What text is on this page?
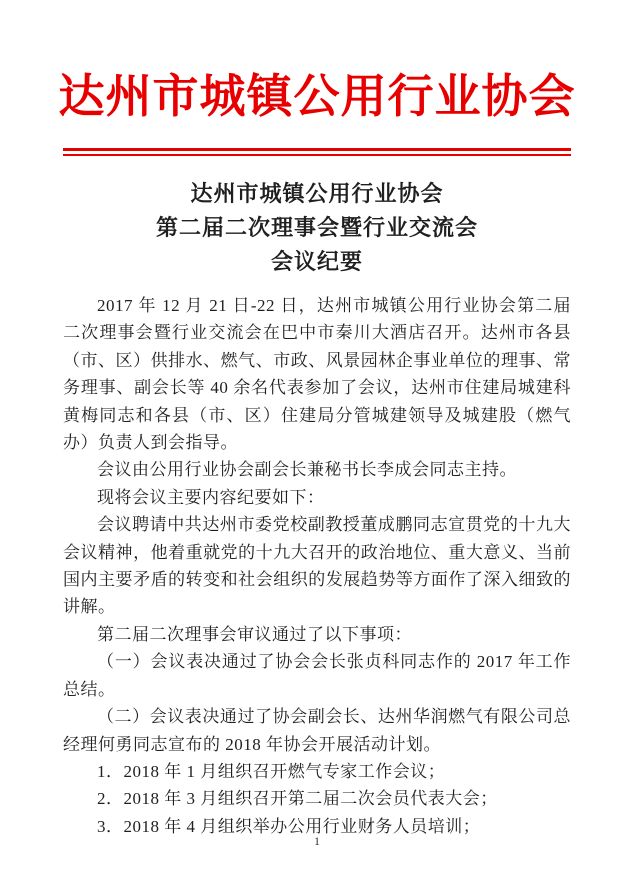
达州市城镇公用行业协会
达州市城镇公用行业协会
第二届二次理事会暨行业交流会
会议纪要

2017 年 12 月 21 日-22 日，达州市城镇公用行业协会第二届二次理事会暨行业交流会在巴中市秦川大酒店召开。达州市各县（市、区）供排水、燃气、市政、风景园林企事业单位的理事、常务理事、副会长等 40 余名代表参加了会议，达州市住建局城建科黄梅同志和各县（市、区）住建局分管城建领导及城建股（燃气办）负责人到会指导。

会议由公用行业协会副会长兼秘书长李成会同志主持。

现将会议主要内容纪要如下：

会议聘请中共达州市委党校副教授董成鹏同志宣贯党的十九大会议精神，他着重就党的十九大召开的政治地位、重大意义、当前国内主要矛盾的转变和社会组织的发展趋势等方面作了深入细致的讲解。

第二届二次理事会审议通过了以下事项：

（一）会议表决通过了协会会长张贞科同志作的 2017 年工作总结。

（二）会议表决通过了协会副会长、达州华润燃气有限公司总经理何勇同志宣布的 2018 年协会开展活动计划。

1．2018 年 1 月组织召开燃气专家工作会议；

2．2018 年 3 月组织召开第二届二次会员代表大会；

3．2018 年 4 月组织举办公用行业财务人员培训；

1
